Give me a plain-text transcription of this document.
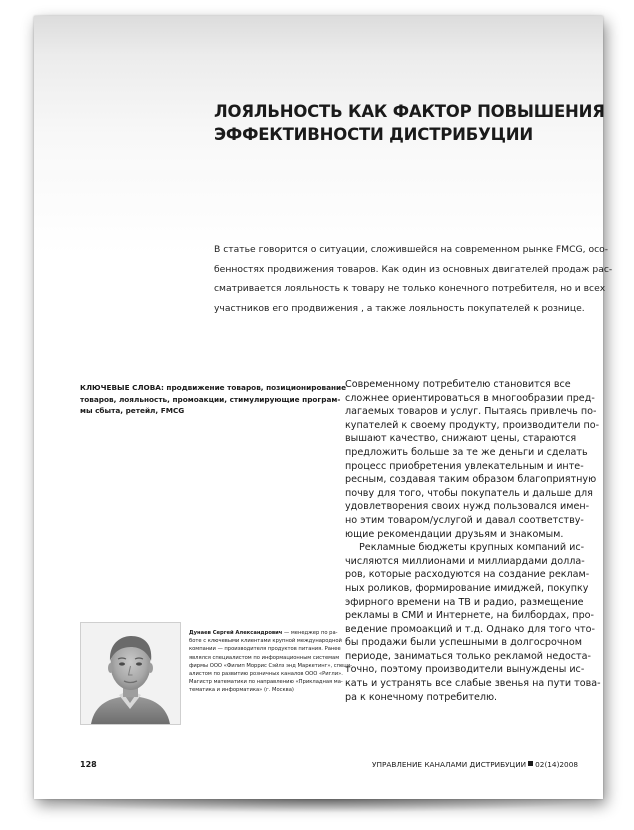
ЛОЯЛЬНОСТЬ КАК ФАКТОР ПОВЫШЕНИЯ
ЭФФЕКТИВНОСТИ ДИСТРИБУЦИИ
В статье говорится о ситуации, сложившейся на современном рынке FMCG, осо-
бенностях продвижения товаров. Как один из основных двигателей продаж рас-
сматривается лояльность к товару не только конечного потребителя, но и всех
участников его продвижения , а также лояльность покупателей к рознице.
КЛЮЧЕВЫЕ СЛОВА: продвижение товаров, позиционирование
товаров, лояльность, промоакции, стимулирующие програм-
мы сбыта, ретейл, FMCG
Современному потребителю становится все
сложнее ориентироваться в многообразии пред-
лагаемых товаров и услуг. Пытаясь привлечь по-
купателей к своему продукту, производители по-
вышают качество, снижают цены, стараются
предложить больше за те же деньги и сделать
процесс приобретения увлекательным и инте-
ресным, создавая таким образом благоприятную
почву для того, чтобы покупатель и дальше для
удовлетворения своих нужд пользовался имен-
но этим товаром/услугой и давал соответству-
ющие рекомендации друзьям и знакомым.
Рекламные бюджеты крупных компаний ис-
числяются миллионами и миллиардами долла-
ров, которые расходуются на создание реклам-
ных роликов, формирование имиджей, покупку
эфирного времени на ТВ и радио, размещение
рекламы в СМИ и Интернете, на билбордах, про-
ведение промоакций и т.д. Однако для того что-
бы продажи были успешными в долгосрочном
периоде, заниматься только рекламой недоста-
точно, поэтому производители вынуждены ис-
кать и устранять все слабые звенья на пути това-
ра к конечному потребителю.
Дунаев Сергей Александрович — менеджер по ра-
боте с ключевыми клиентами крупной международной
компании — производителя продуктов питания. Ранее
являлся специалистом по информационным системам
фирмы ООО «Филип Моррис Сэйлз энд Маркетинг», специ-
алистом по развитию розничных каналов ООО «Ригли».
Магистр математики по направлению «Прикладная ма-
тематика и информатика» (г. Москва)
128	УПРАВЛЕНИЕ КАНАЛАМИ ДИСТРИБУЦИИ 02(14)2008
